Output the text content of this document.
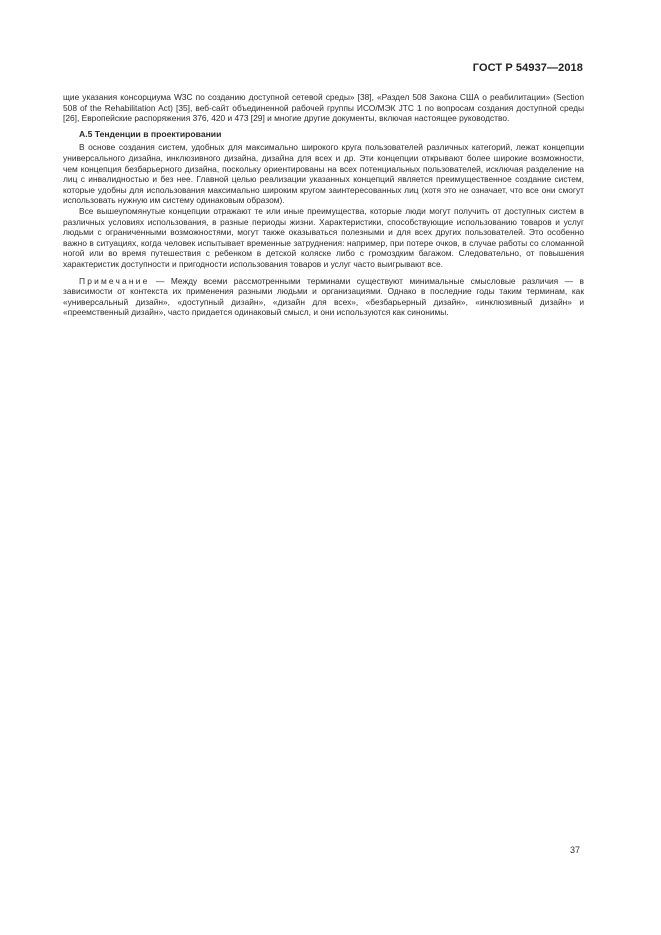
ГОСТ Р 54937—2018

щие указания консорциума W3C по созданию доступной сетевой среды» [38], «Раздел 508 Закона США о реабилитации» (Section 508 of the Rehabilitation Act) [35], веб-сайт объединенной рабочей группы ИСО/МЭК JTC 1 по вопросам создания доступной среды [26], Европейские распоряжения 376, 420 и 473 [29] и многие другие документы, включая настоящее руководство.

А.5 Тенденции в проектировании

В основе создания систем, удобных для максимально широкого круга пользователей различных категорий, лежат концепции универсального дизайна, инклюзивного дизайна, дизайна для всех и др. Эти концепции открывают более широкие возможности, чем концепция безбарьерного дизайна, поскольку ориентированы на всех потенциальных пользователей, исключая разделение на лиц с инвалидностью и без нее. Главной целью реализации указанных концепций является преимущественное создание систем, которые удобны для использования максимально широким кругом заинтересованных лиц (хотя это не означает, что все они смогут использовать нужную им систему одинаковым образом).

Все вышеупомянутые концепции отражают те или иные преимущества, которые люди могут получить от доступных систем в различных условиях использования, в разные периоды жизни. Характеристики, способствующие использованию товаров и услуг людьми с ограниченными возможностями, могут также оказываться полезными и для всех других пользователей. Это особенно важно в ситуациях, когда человек испытывает временные затруднения: например, при потере очков, в случае работы со сломанной ногой или во время путешествия с ребенком в детской коляске либо с громоздким багажом. Следовательно, от повышения характеристик доступности и пригодности использования товаров и услуг часто выигрывают все.

Примечание — Между всеми рассмотренными терминами существуют минимальные смысловые различия — в зависимости от контекста их применения разными людьми и организациями. Однако в последние годы таким терминам, как «универсальный дизайн», «доступный дизайн», «дизайн для всех», «безбарьерный дизайн», «инклюзивный дизайн» и «преемственный дизайн», часто придается одинаковый смысл, и они используются как синонимы.

37
